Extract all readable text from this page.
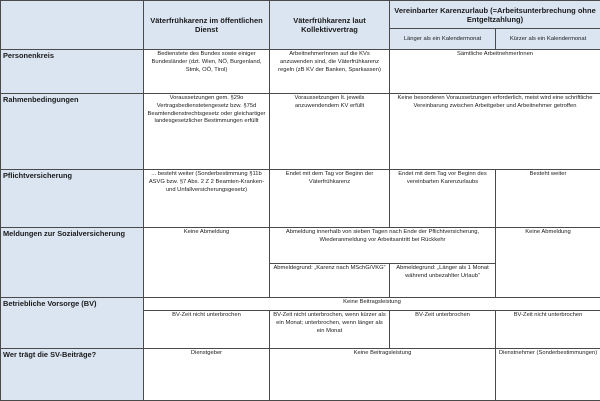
	Väterfrühkarenz im öffentlichen Dienst	Väterfrühkarenz laut Kollektivvertrag	Vereinbarter Karenzurlaub (=Arbeitsunterbrechung ohne Entgeltzahlung)	
			Länger als ein Kalendermonat	Kürzer als ein Kalendermonat
Personenkreis	Bedienstete des Bundes sowie einiger Bundesländer (dzt. Wien, NÖ, Burgenland, Stmk, OÖ, Tirol)	ArbeitnehmerInnen auf die KVs anzuwenden sind, die Väterfrühkarenz regeln (zB KV der Banken, Sparkassen)	Sämtliche ArbeitnehmerInnen	
Rahmenbedingungen	Voraussetzungen gem. §29o Vertragsbedienstetengesetz bzw. §75d Beamtendienstrechtsgesetz oder gleichartiger landesgesetzlicher Bestimmungen erfüllt	Voraussetzungen lt. jeweils anzuwendendem KV erfüllt	Keine besonderen Voraussetzungen erforderlich, meist wird eine schriftliche Vereinbarung zwischen Arbeitgeber und Arbeitnehmer getroffen	
Pflichtversicherung	... besteht weiter (Sonderbestimmung §11b ASVG bzw. §7 Abs. 2 Z 2 Beamten-Kranken- und Unfallversicherungsgesetz)	Endet mit dem Tag vor Beginn der Väterfrühkarenz	Endet mit dem Tag vor Beginn des vereinbarten Karenzurlaubs	Besteht weiter
Meldungen zur Sozialversicherung	Keine Abmeldung	Abmeldung innerhalb von sieben Tagen nach Ende der Pflichtversicherung, Wiederanmeldung vor Arbeitsantritt bei Rückkehr		Keine Abmeldung
		Abmeldegrund: „Karenz nach MSchG/VKG“	Abmeldegrund: „Länger als 1 Monat während unbezahlter Urlaub“	
Betriebliche Vorsorge (BV)	Keine Beitragsleistung			
	BV-Zeit nicht unterbrochen	BV-Zeit nicht unterbrochen, wenn kürzer als ein Monat; unterbrochen, wenn länger als ein Monat	BV-Zeit unterbrochen	BV-Zeit nicht unterbrochen
Wer trägt die SV-Beiträge?	Dienstgeber	Keine Beitragsleistung		Dienstnehmer (Sonderbestimmungen)
